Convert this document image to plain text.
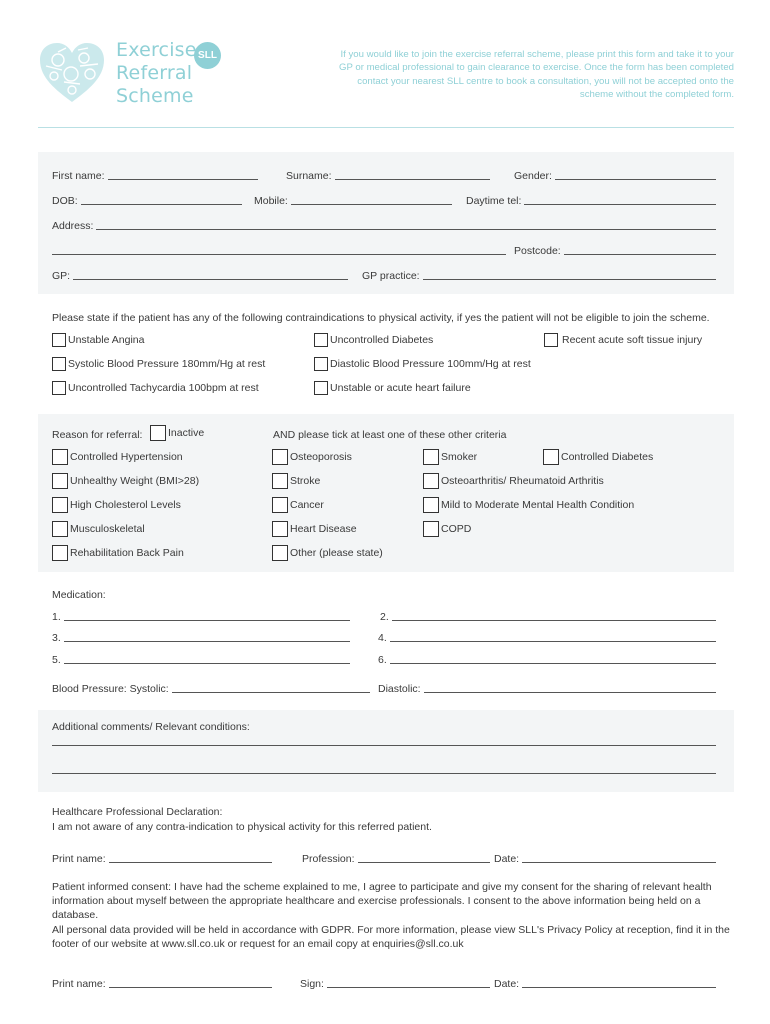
SLL
Exercise
Referral
Scheme
If you would like to join the exercise referral scheme, please print this form and take it to your GP or medical professional to gain clearance to exercise. Once the form has been completed contact your nearest SLL centre to book a consultation, you will not be accepted onto the scheme without the completed form.
First name:	Surname:	Gender:
DOB:	Mobile:	Daytime tel:
Address:
Postcode:
GP:	GP practice:
Please state if the patient has any of the following contraindications to physical activity, if yes the patient will not be eligible to join the scheme.
Unstable Angina	Uncontrolled Diabetes	Recent acute soft tissue injury
Systolic Blood Pressure 180mm/Hg at rest	Diastolic Blood Pressure 100mm/Hg at rest
Uncontrolled Tachycardia 100bpm at rest	Unstable or acute heart failure
Reason for referral: Inactive	AND please tick at least one of these other criteria
Controlled Hypertension	Osteoporosis	Smoker	Controlled Diabetes
Unhealthy Weight (BMI>28)	Stroke	Osteoarthritis/ Rheumatoid Arthritis
High Cholesterol Levels	Cancer	Mild to Moderate Mental Health Condition
Musculoskeletal	Heart Disease	COPD
Rehabilitation Back Pain	Other (please state)
Medication:
1.	2.
3.	4.
5.	6.
Blood Pressure: Systolic:	Diastolic:
Additional comments/ Relevant conditions:
Healthcare Professional Declaration:
I am not aware of any contra-indication to physical activity for this referred patient.
Print name:	Profession:	Date:
Patient informed consent: I have had the scheme explained to me, I agree to participate and give my consent for the sharing of relevant health information about myself between the appropriate healthcare and exercise professionals. I consent to the above information being held on a database.
All personal data provided will be held in accordance with GDPR. For more information, please view SLL's Privacy Policy at reception, find it in the footer of our website at www.sll.co.uk or request for an email copy at enquiries@sll.co.uk
Print name:	Sign:	Date:
